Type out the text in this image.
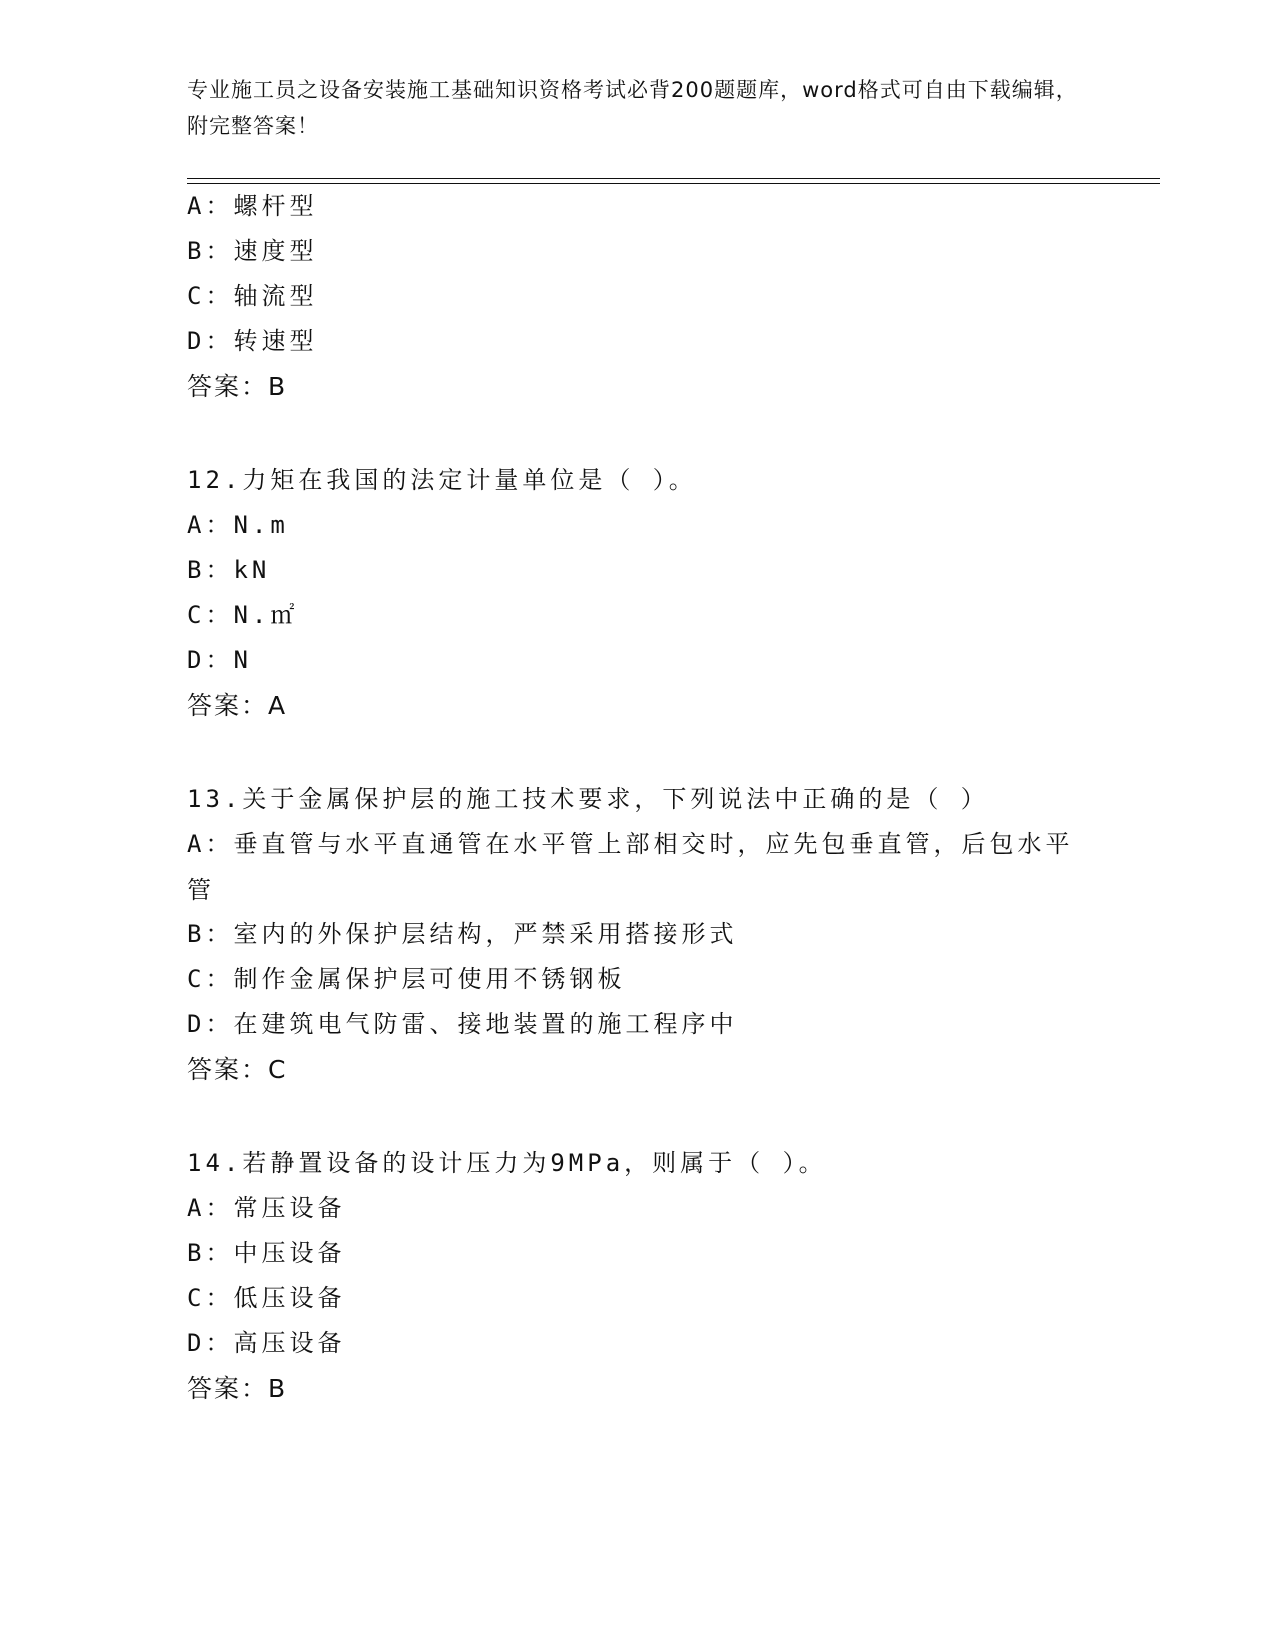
专业施工员之设备安装施工基础知识资格考试必背200题题库，word格式可自由下载编辑，附完整答案！
A：螺杆型
B：速度型
C：轴流型
D：转速型
答案：B
12.力矩在我国的法定计量单位是（ ）。
A：N.m
B：kN
C：N.㎡
D：N
答案：A
13.关于金属保护层的施工技术要求，下列说法中正确的是（ ）
A：垂直管与水平直通管在水平管上部相交时，应先包垂直管，后包水平管
B：室内的外保护层结构，严禁采用搭接形式
C：制作金属保护层可使用不锈钢板
D：在建筑电气防雷、接地装置的施工程序中
答案：C
14.若静置设备的设计压力为9MPa，则属于（ ）。
A：常压设备
B：中压设备
C：低压设备
D：高压设备
答案：B
